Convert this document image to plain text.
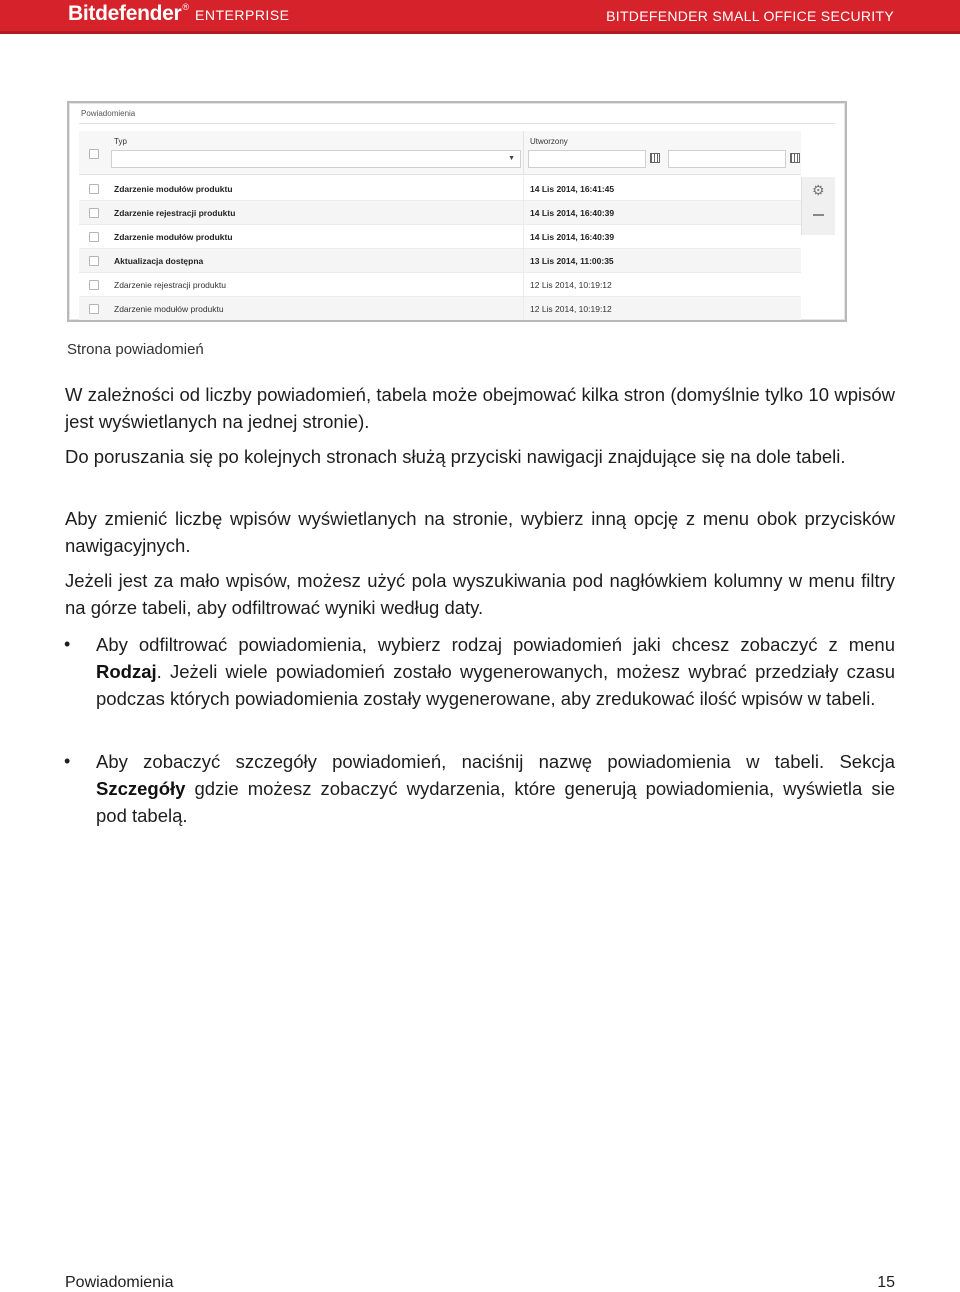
Bitdefender® ENTERPRISE	BITDEFENDER SMALL OFFICE SECURITY
Powiadomienia
Typ	Utworzony
▼
Zdarzenie modułów produktu	14 Lis 2014, 16:41:45
Zdarzenie rejestracji produktu	14 Lis 2014, 16:40:39
Zdarzenie modułów produktu	14 Lis 2014, 16:40:39
Aktualizacja dostępna	13 Lis 2014, 11:00:35
Zdarzenie rejestracji produktu	12 Lis 2014, 10:19:12
Zdarzenie modułów produktu	12 Lis 2014, 10:19:12
⚙
Strona powiadomień

W zależności od liczby powiadomień, tabela może obejmować kilka stron (domyślnie tylko 10 wpisów jest wyświetlanych na jednej stronie).

Do poruszania się po kolejnych stronach służą przyciski nawigacji znajdujące się na dole tabeli.

Aby zmienić liczbę wpisów wyświetlanych na stronie, wybierz inną opcję z menu obok przycisków nawigacyjnych.

Jeżeli jest za mało wpisów, możesz użyć pola wyszukiwania pod nagłówkiem kolumny w menu filtry na górze tabeli, aby odfiltrować wyniki według daty.

• Aby odfiltrować powiadomienia, wybierz rodzaj powiadomień jaki chcesz zobaczyć z menu Rodzaj. Jeżeli wiele powiadomień zostało wygenerowanych, możesz wybrać przedziały czasu podczas których powiadomienia zostały wygenerowane, aby zredukować ilość wpisów w tabeli.

• Aby zobaczyć szczegóły powiadomień, naciśnij nazwę powiadomienia w tabeli. Sekcja Szczegóły gdzie możesz zobaczyć wydarzenia, które generują powiadomienia, wyświetla sie pod tabelą.

Powiadomienia	15
